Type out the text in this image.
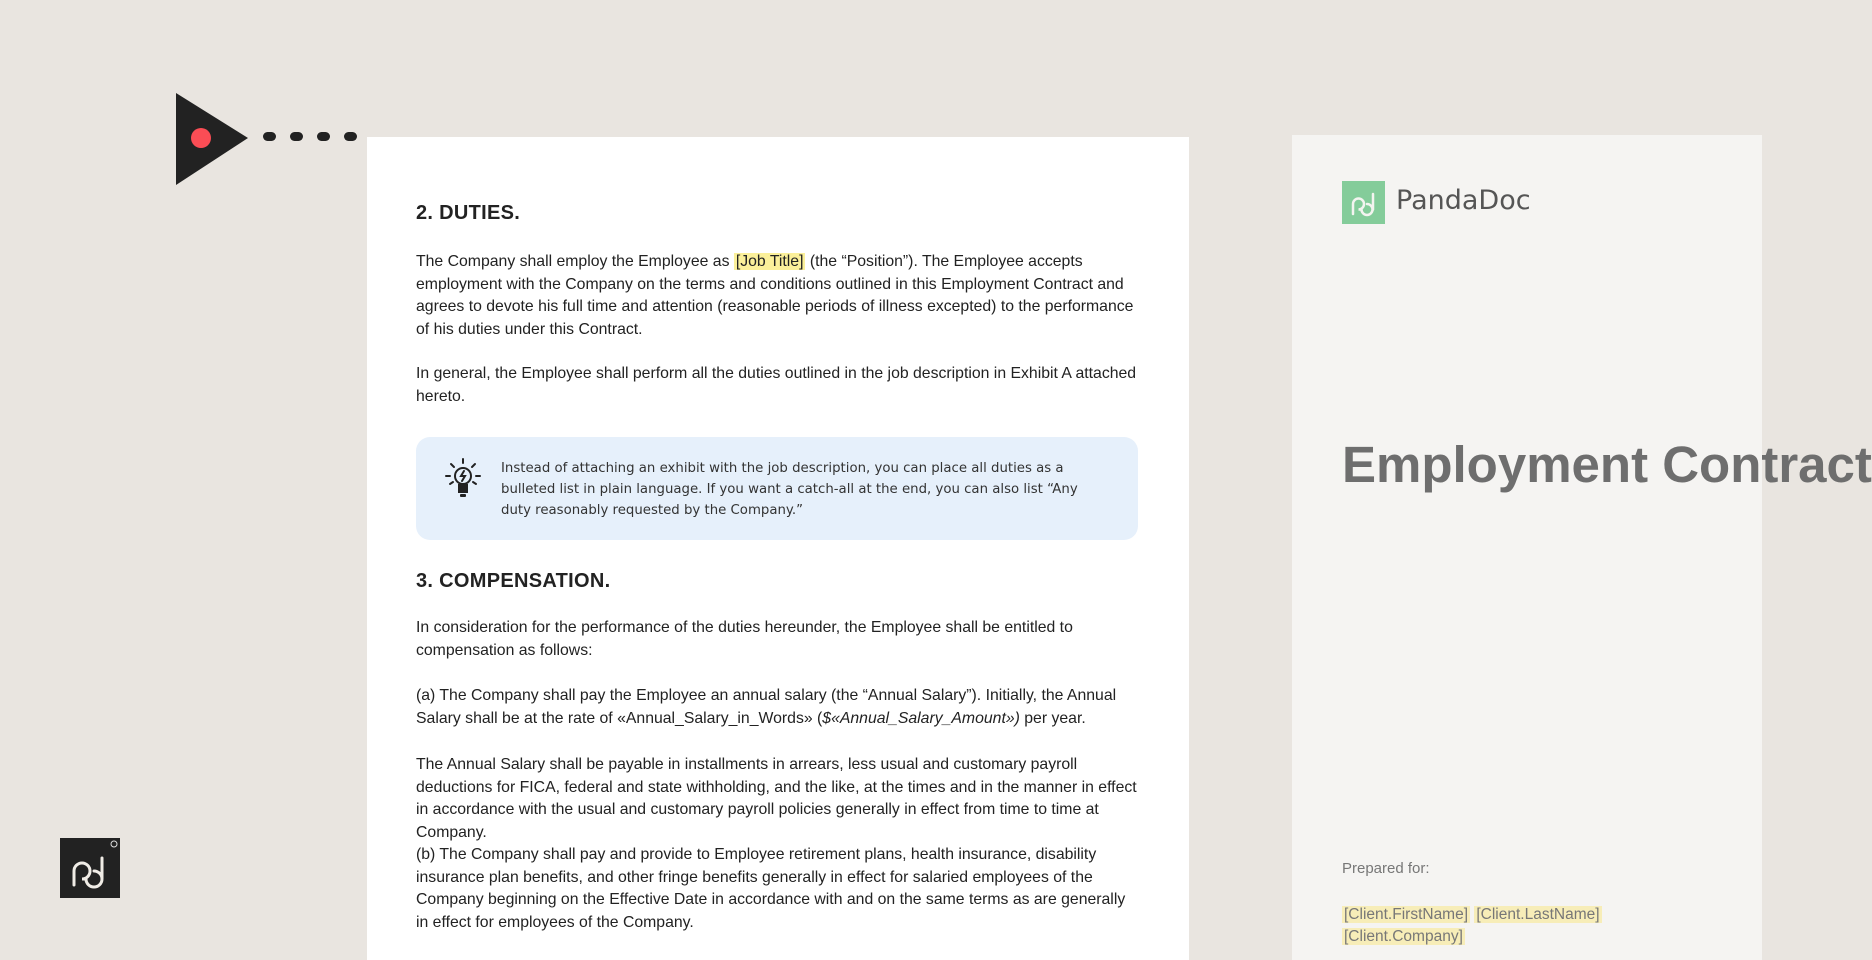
2. DUTIES.

The Company shall employ the Employee as [Job Title] (the “Position”). The Employee accepts employment with the Company on the terms and conditions outlined in this Employment Contract and agrees to devote his full time and attention (reasonable periods of illness excepted) to the performance of his duties under this Contract.

In general, the Employee shall perform all the duties outlined in the job description in Exhibit A attached hereto.

Instead of attaching an exhibit with the job description, you can place all duties as a bulleted list in plain language. If you want a catch-all at the end, you can also list “Any duty reasonably requested by the Company.”
3. COMPENSATION.

In consideration for the performance of the duties hereunder, the Employee shall be entitled to compensation as follows:

(a) The Company shall pay the Employee an annual salary (the “Annual Salary”). Initially, the Annual Salary shall be at the rate of «Annual_Salary_in_Words» ($«Annual_Salary_Amount») per year.

The Annual Salary shall be payable in installments in arrears, less usual and customary payroll deductions for FICA, federal and state withholding, and the like, at the times and in the manner in effect in accordance with the usual and customary payroll policies generally in effect from time to time at Company.

(b) The Company shall pay and provide to Employee retirement plans, health insurance, disability insurance plan benefits, and other fringe benefits generally in effect for salaried employees of the Company beginning on the Effective Date in accordance with and on the same terms as are generally in effect for employees of the Company.

PandaDoc
Employment Contract
Prepared for:
[Client.FirstName] [Client.LastName]
[Client.Company]
